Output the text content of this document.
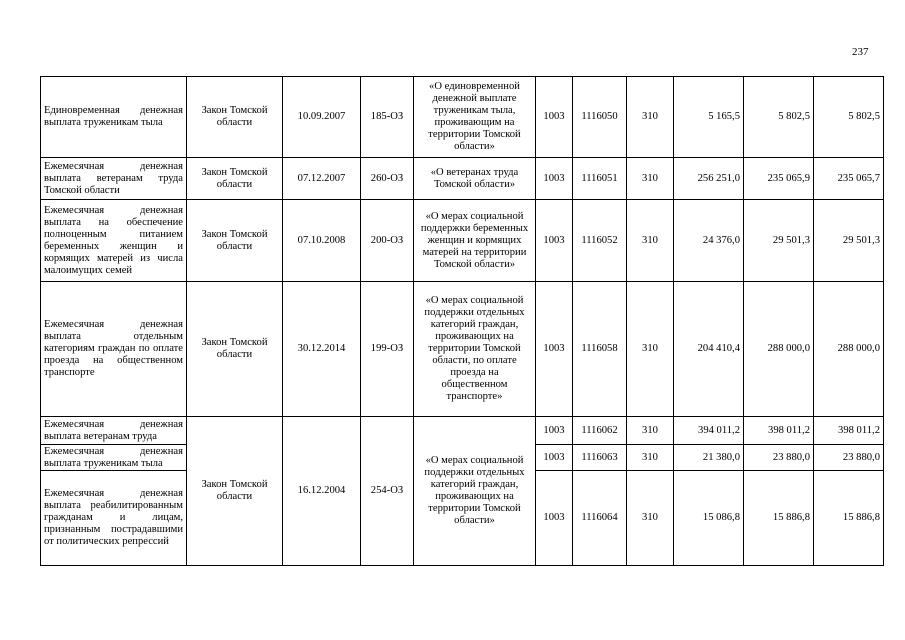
237
Единовременная денежная выплата труженикам тыла	Закон Томской области	10.09.2007	185-ОЗ	«О единовременной денежной выплате труженикам тыла, проживающим на территории Томской области»	1003	1116050	310	5 165,5	5 802,5	5 802,5
Ежемесячная денежная выплата ветеранам труда Томской области	Закон Томской области	07.12.2007	260-ОЗ	«О ветеранах труда Томской области»	1003	1116051	310	256 251,0	235 065,9	235 065,7
Ежемесячная денежная выплата на обеспечение полноценным питанием беременных женщин и кормящих матерей из числа малоимущих семей	Закон Томской области	07.10.2008	200-ОЗ	«О мерах социальной поддержки беременных женщин и кормящих матерей на территории Томской области»	1003	1116052	310	24 376,0	29 501,3	29 501,3
Ежемесячная денежная выплата отдельным категориям граждан по оплате проезда на общественном транспорте	Закон Томской области	30.12.2014	199-ОЗ	«О мерах социальной поддержки отдельных категорий граждан, проживающих на территории Томской области, по оплате проезда на общественном транспорте»	1003	1116058	310	204 410,4	288 000,0	288 000,0
Ежемесячная денежная выплата ветеранам труда	Закон Томской области	16.12.2004	254-ОЗ	«О мерах социальной поддержки отдельных категорий граждан, проживающих на территории Томской области»	1003	1116062	310	394 011,2	398 011,2	398 011,2
Ежемесячная денежная выплата труженикам тыла					1003	1116063	310	21 380,0	23 880,0	23 880,0
Ежемесячная денежная выплата реабилитированным гражданам и лицам, признанным пострадавшими от политических репрессий					1003	1116064	310	15 086,8	15 886,8	15 886,8
